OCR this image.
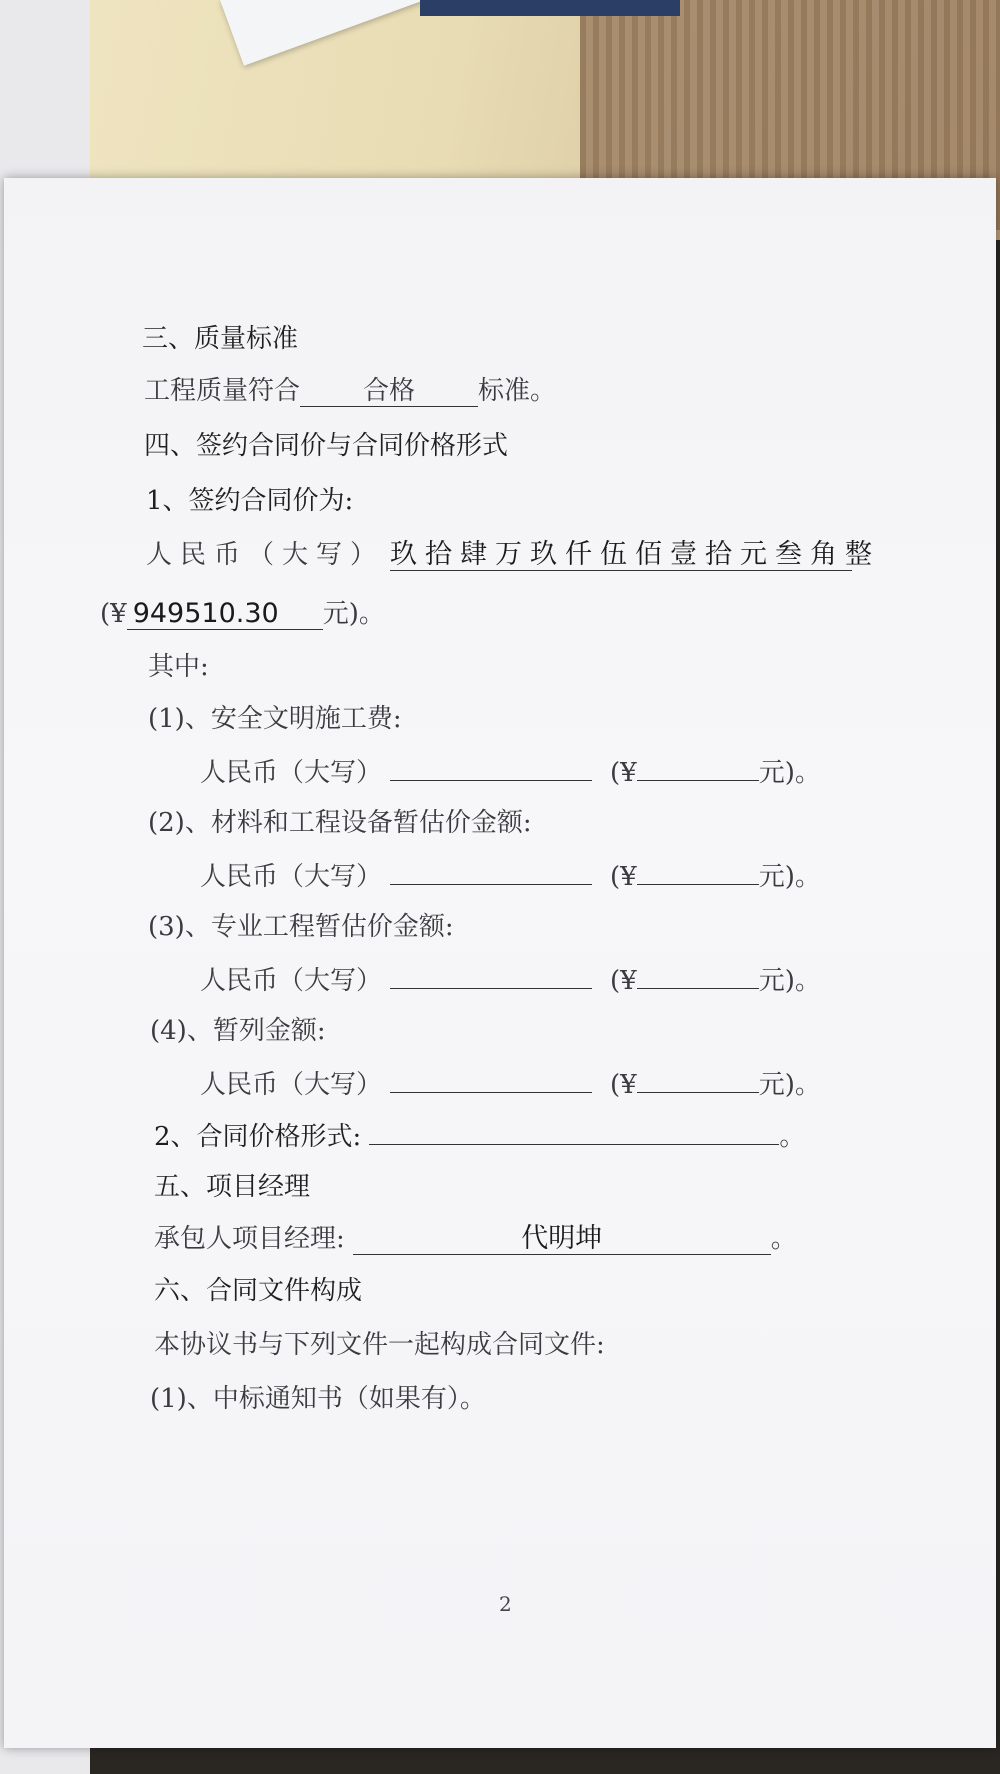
三、质量标准
工程质量符合 合格 标准。
四、签约合同价与合同价格形式
1、签约合同价为:
人民币（大写） 玖拾肆万玖仟伍佰壹拾元叁角整
(¥ 949510.30 元)。
其中:
(1)、安全文明施工费:
人民币（大写）	(¥	元)。
(2)、材料和工程设备暂估价金额:
人民币（大写）	(¥	元)。
(3)、专业工程暂估价金额:
人民币（大写）	(¥	元)。
(4)、暂列金额:
人民币（大写）	(¥	元)。
2、合同价格形式:	。
五、项目经理
承包人项目经理:	代明坤	。
六、合同文件构成
本协议书与下列文件一起构成合同文件:
(1)、中标通知书（如果有）。
2
